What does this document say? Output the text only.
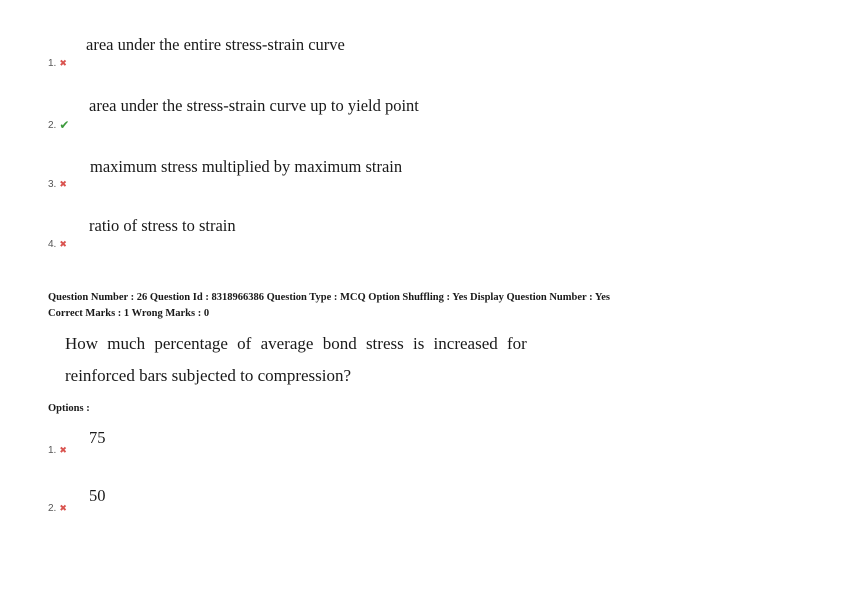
area under the entire stress-strain curve
1. ✖
area under the stress-strain curve up to yield point
2. ✔
maximum stress multiplied by maximum strain
3. ✖
ratio of stress to strain
4. ✖
Question Number : 26 Question Id : 8318966386 Question Type : MCQ Option Shuffling : Yes Display Question Number : Yes
Correct Marks : 1 Wrong Marks : 0
How much percentage of average bond stress is increased for
reinforced bars subjected to compression?
Options :
75
1. ✖
50
2. ✖
